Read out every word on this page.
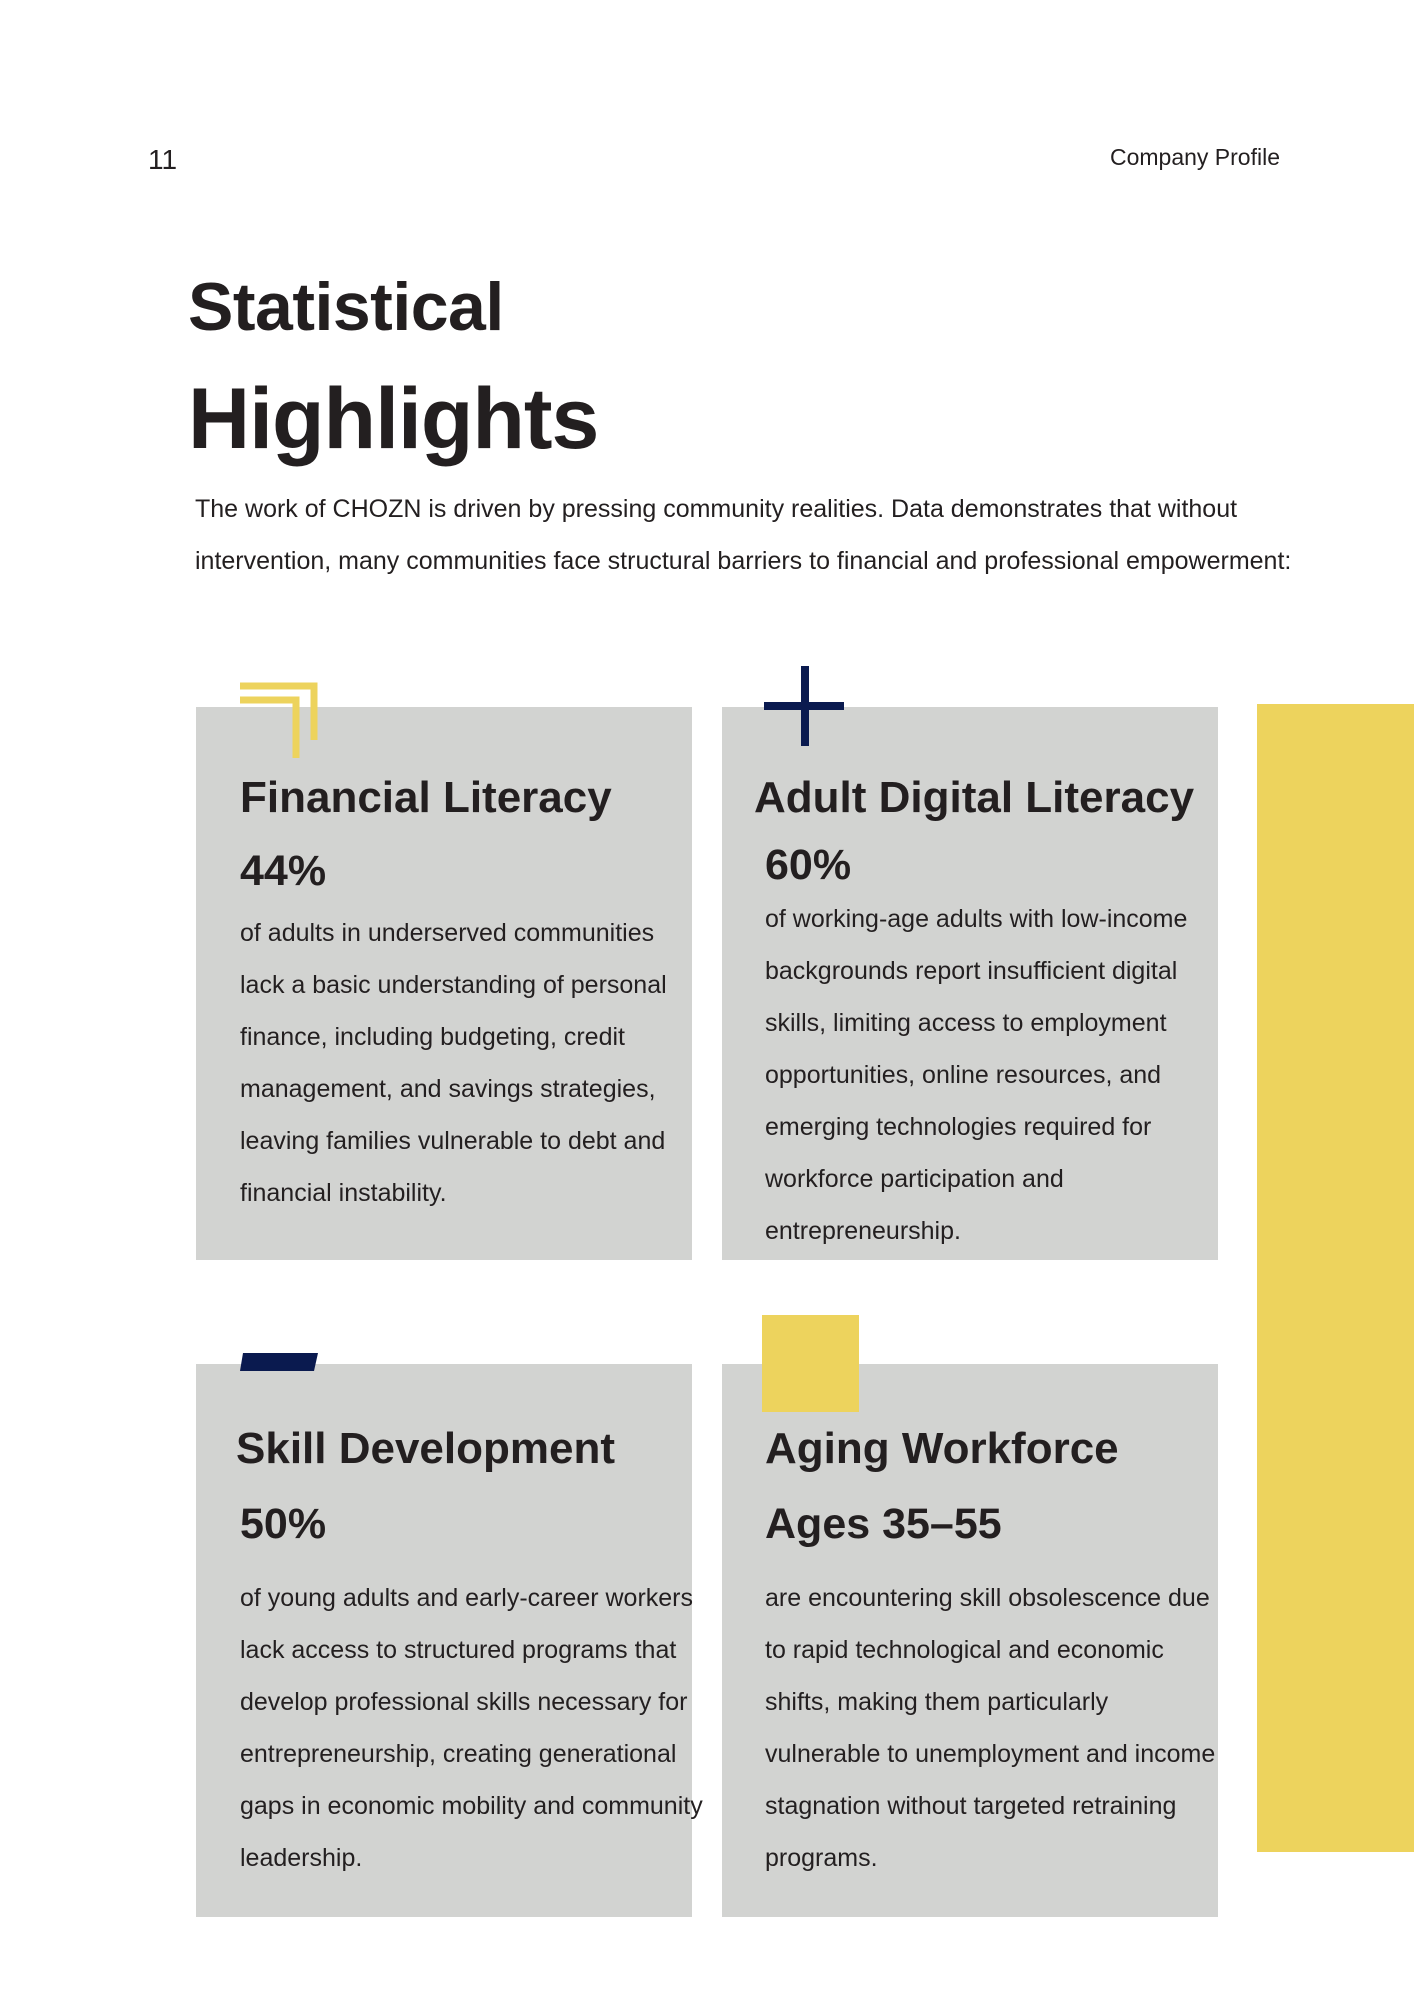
11	Company Profile
Statistical
Highlights

The work of CHOZN is driven by pressing community realities. Data demonstrates that without intervention, many communities face structural barriers to financial and professional empowerment:

Financial Literacy
44%

of adults in underserved communities lack a basic understanding of personal finance, including budgeting, credit management, and savings strategies, leaving families vulnerable to debt and financial instability.

Adult Digital Literacy
60%

of working-age adults with low-income backgrounds report insufficient digital skills, limiting access to employment opportunities, online resources, and emerging technologies required for workforce participation and entrepreneurship.

Skill Development
50%

of young adults and early-career workers lack access to structured programs that develop professional skills necessary for entrepreneurship, creating generational gaps in economic mobility and community leadership.

Aging Workforce
Ages 35–55

are encountering skill obsolescence due to rapid technological and economic shifts, making them particularly vulnerable to unemployment and income stagnation without targeted retraining programs.
